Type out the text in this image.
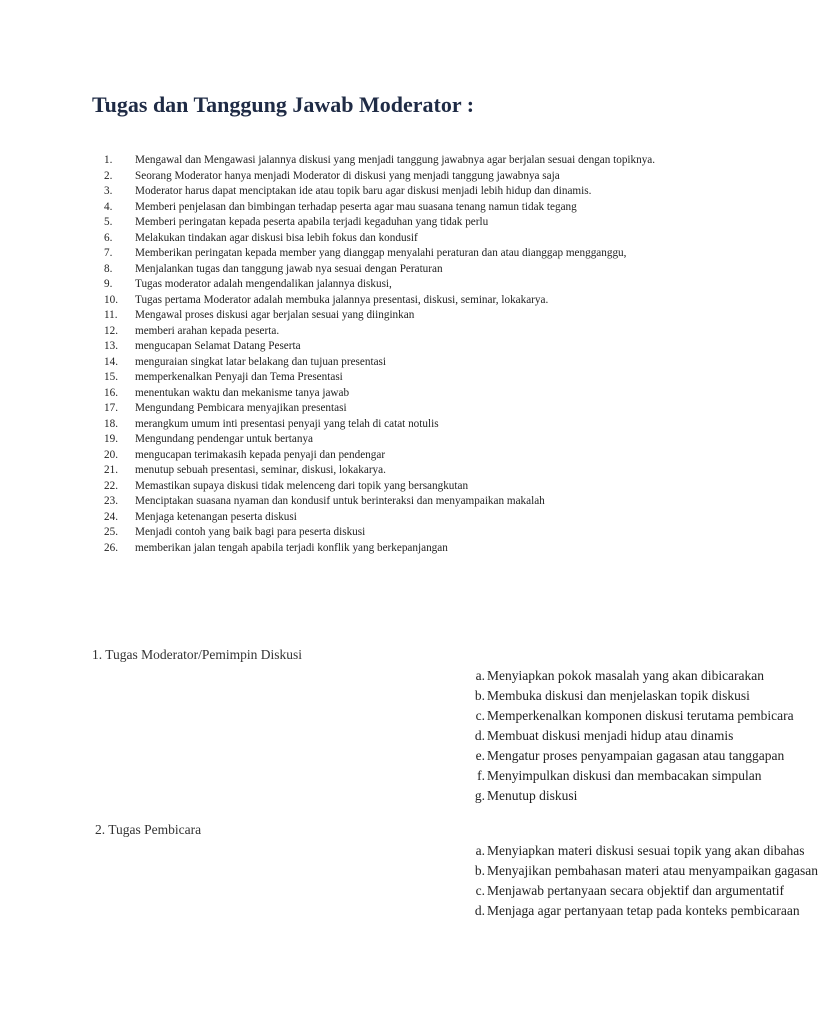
Tugas dan Tanggung Jawab Moderator :
1.	Mengawal dan Mengawasi jalannya diskusi yang menjadi tanggung jawabnya agar berjalan sesuai dengan topiknya.
2.	Seorang Moderator hanya menjadi Moderator di diskusi yang menjadi tanggung jawabnya saja
3.	Moderator harus dapat menciptakan ide atau topik baru agar diskusi menjadi lebih hidup dan dinamis.
4.	Memberi penjelasan dan bimbingan terhadap peserta agar mau suasana tenang namun tidak tegang
5.	Memberi peringatan kepada peserta apabila terjadi kegaduhan yang tidak perlu
6.	Melakukan tindakan agar diskusi bisa lebih fokus dan kondusif
7.	Memberikan peringatan kepada member yang dianggap menyalahi peraturan dan atau dianggap mengganggu,
8.	Menjalankan tugas dan tanggung jawab nya sesuai dengan Peraturan
9.	Tugas moderator adalah mengendalikan jalannya diskusi,
10.	Tugas pertama Moderator adalah membuka jalannya presentasi, diskusi, seminar, lokakarya.
11.	Mengawal proses diskusi agar berjalan sesuai yang diinginkan
12.	memberi arahan kepada peserta.
13.	mengucapan Selamat Datang Peserta
14.	menguraian singkat latar belakang dan tujuan presentasi
15.	memperkenalkan Penyaji dan Tema Presentasi
16.	menentukan waktu dan mekanisme tanya jawab
17.	Mengundang Pembicara menyajikan presentasi
18.	merangkum umum inti presentasi penyaji yang telah di catat notulis
19.	Mengundang pendengar untuk bertanya
20.	mengucapan terimakasih kepada penyaji dan pendengar
21.	menutup sebuah presentasi, seminar, diskusi, lokakarya.
22.	Memastikan supaya diskusi tidak melenceng dari topik yang bersangkutan
23.	Menciptakan suasana nyaman dan kondusif untuk berinteraksi dan menyampaikan makalah
24.	Menjaga ketenangan peserta diskusi
25.	Menjadi contoh yang baik bagi para peserta diskusi
26.	memberikan jalan tengah apabila terjadi konflik yang berkepanjangan
1. Tugas Moderator/Pemimpin Diskusi
a. Menyiapkan pokok masalah yang akan dibicarakan
b. Membuka diskusi dan menjelaskan topik diskusi
c. Memperkenalkan komponen diskusi terutama pembicara
d. Membuat diskusi menjadi hidup atau dinamis
e. Mengatur proses penyampaian gagasan atau tanggapan
f. Menyimpulkan diskusi dan membacakan simpulan
g. Menutup diskusi
2. Tugas Pembicara
a. Menyiapkan materi diskusi sesuai topik yang akan dibahas
b. Menyajikan pembahasan materi atau menyampaikan gagasan
c. Menjawab pertanyaan secara objektif dan argumentatif
d. Menjaga agar pertanyaan tetap pada konteks pembicaraan
